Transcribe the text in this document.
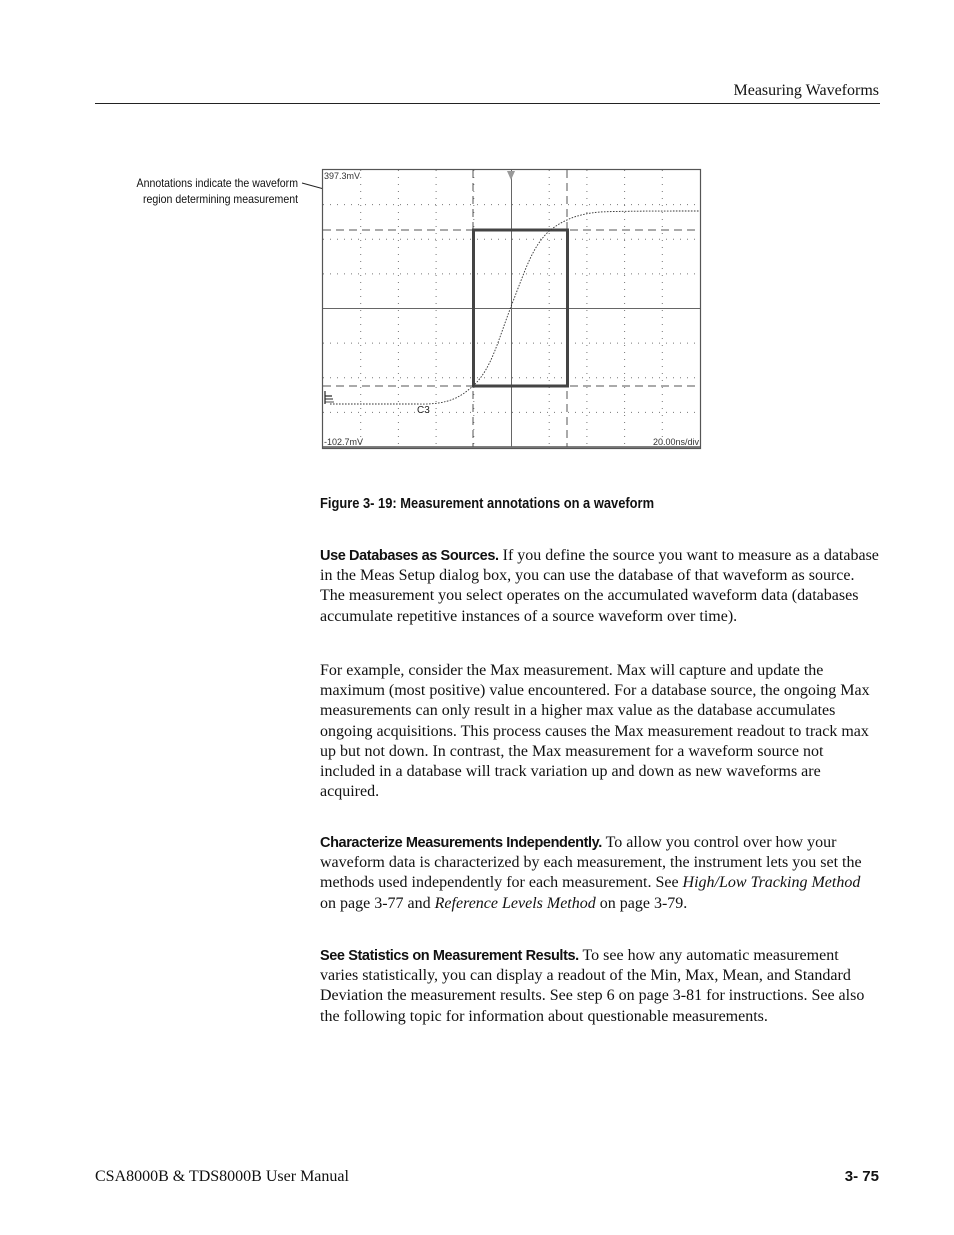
Measuring Waveforms
Annotations indicate the waveform
region determining measurement
397.3mV
-102.7mV	20.00ns/div
C3
Figure 3- 19: Measurement annotations on a waveform
Use Databases as Sources. If you define the source you want to measure as a database in the Meas Setup dialog box, you can use the database of that waveform as source. The measurement you select operates on the accumulated waveform data (databases accumulate repetitive instances of a source waveform over time).
For example, consider the Max measurement. Max will capture and update the maximum (most positive) value encountered. For a database source, the ongoing Max measurements can only result in a higher max value as the database accumulates ongoing acquisitions. This process causes the Max measurement readout to track max up but not down. In contrast, the Max measurement for a waveform source not included in a database will track variation up and down as new waveforms are acquired.
Characterize Measurements Independently. To allow you control over how your waveform data is characterized by each measurement, the instrument lets you set the methods used independently for each measurement. See High/Low Tracking Method on page 3-77 and Reference Levels Method on page 3-79.
See Statistics on Measurement Results. To see how any automatic measurement varies statistically, you can display a readout of the Min, Max, Mean, and Standard Deviation the measurement results. See step 6 on page 3-81 for instructions. See also the following topic for information about questionable measurements.
CSA8000B & TDS8000B User Manual	3- 75
